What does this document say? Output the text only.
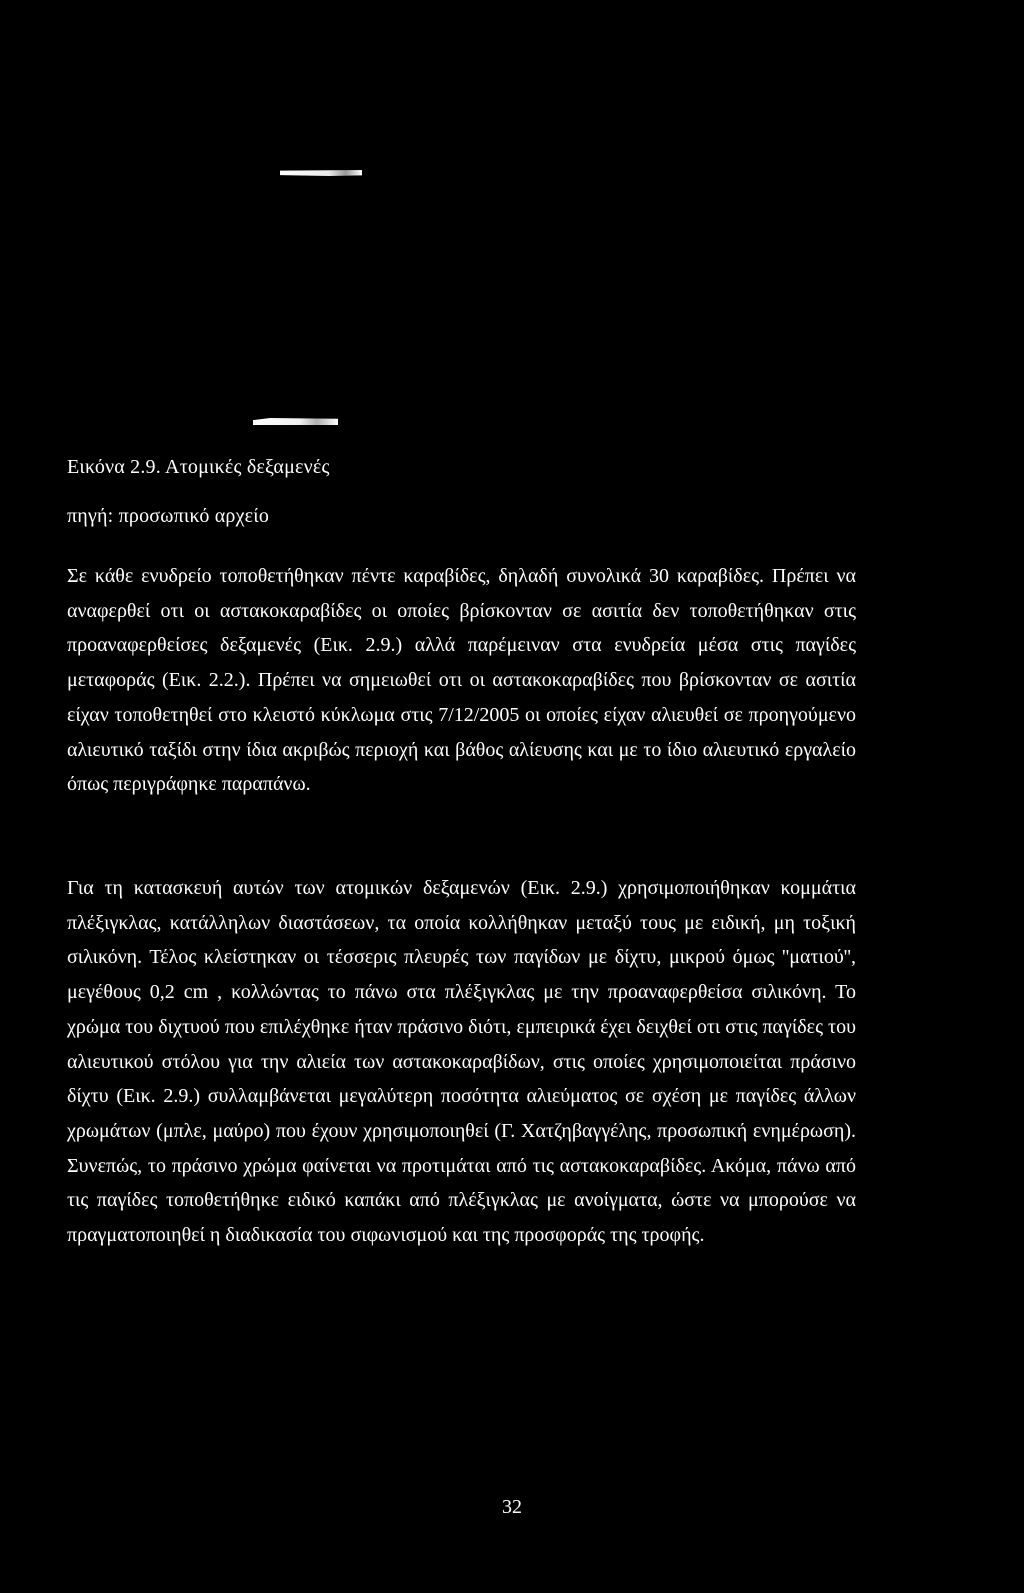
Εικόνα 2.9. Ατομικές δεξαμενές
πηγή: προσωπικό αρχείο
Σε κάθε ενυδρείο τοποθετήθηκαν πέντε καραβίδες, δηλαδή συνολικά 30 καραβίδες. Πρέπει να αναφερθεί οτι οι αστακοκαραβίδες οι οποίες βρίσκονταν σε ασιτία δεν τοποθετήθηκαν στις προαναφερθείσες δεξαμενές (Εικ. 2.9.) αλλά παρέμειναν στα ενυδρεία μέσα στις παγίδες μεταφοράς (Εικ. 2.2.). Πρέπει να σημειωθεί οτι οι αστακοκαραβίδες που βρίσκονταν σε ασιτία είχαν τοποθετηθεί στο κλειστό κύκλωμα στις 7/12/2005 οι οποίες είχαν αλιευθεί σε προηγούμενο αλιευτικό ταξίδι στην ίδια ακριβώς περιοχή και βάθος αλίευσης και με το ίδιο αλιευτικό εργαλείο όπως περιγράφηκε παραπάνω.
Για τη κατασκευή αυτών των ατομικών δεξαμενών (Εικ. 2.9.) χρησιμοποιήθηκαν κομμάτια πλέξιγκλας, κατάλληλων διαστάσεων, τα οποία κολλήθηκαν μεταξύ τους με ειδική, μη τοξική σιλικόνη. Τέλος κλείστηκαν οι τέσσερις πλευρές των παγίδων με δίχτυ, μικρού όμως ''ματιού'', μεγέθους 0,2 cm , κολλώντας το πάνω στα πλέξιγκλας με την προαναφερθείσα σιλικόνη. Το χρώμα του διχτυού που επιλέχθηκε ήταν πράσινο διότι, εμπειρικά έχει δειχθεί οτι στις παγίδες του αλιευτικού στόλου για την αλιεία των αστακοκαραβίδων, στις οποίες χρησιμοποιείται πράσινο δίχτυ (Εικ. 2.9.) συλλαμβάνεται μεγαλύτερη ποσότητα αλιεύματος σε σχέση με παγίδες άλλων χρωμάτων (μπλε, μαύρο) που έχουν χρησιμοποιηθεί (Γ. Χατζηβαγγέλης, προσωπική ενημέρωση). Συνεπώς, το πράσινο χρώμα φαίνεται να προτιμάται από τις αστακοκαραβίδες. Ακόμα, πάνω από τις παγίδες τοποθετήθηκε ειδικό καπάκι από πλέξιγκλας με ανοίγματα, ώστε να μπορούσε να πραγματοποιηθεί η διαδικασία του σιφωνισμού και της προσφοράς της τροφής.
32
